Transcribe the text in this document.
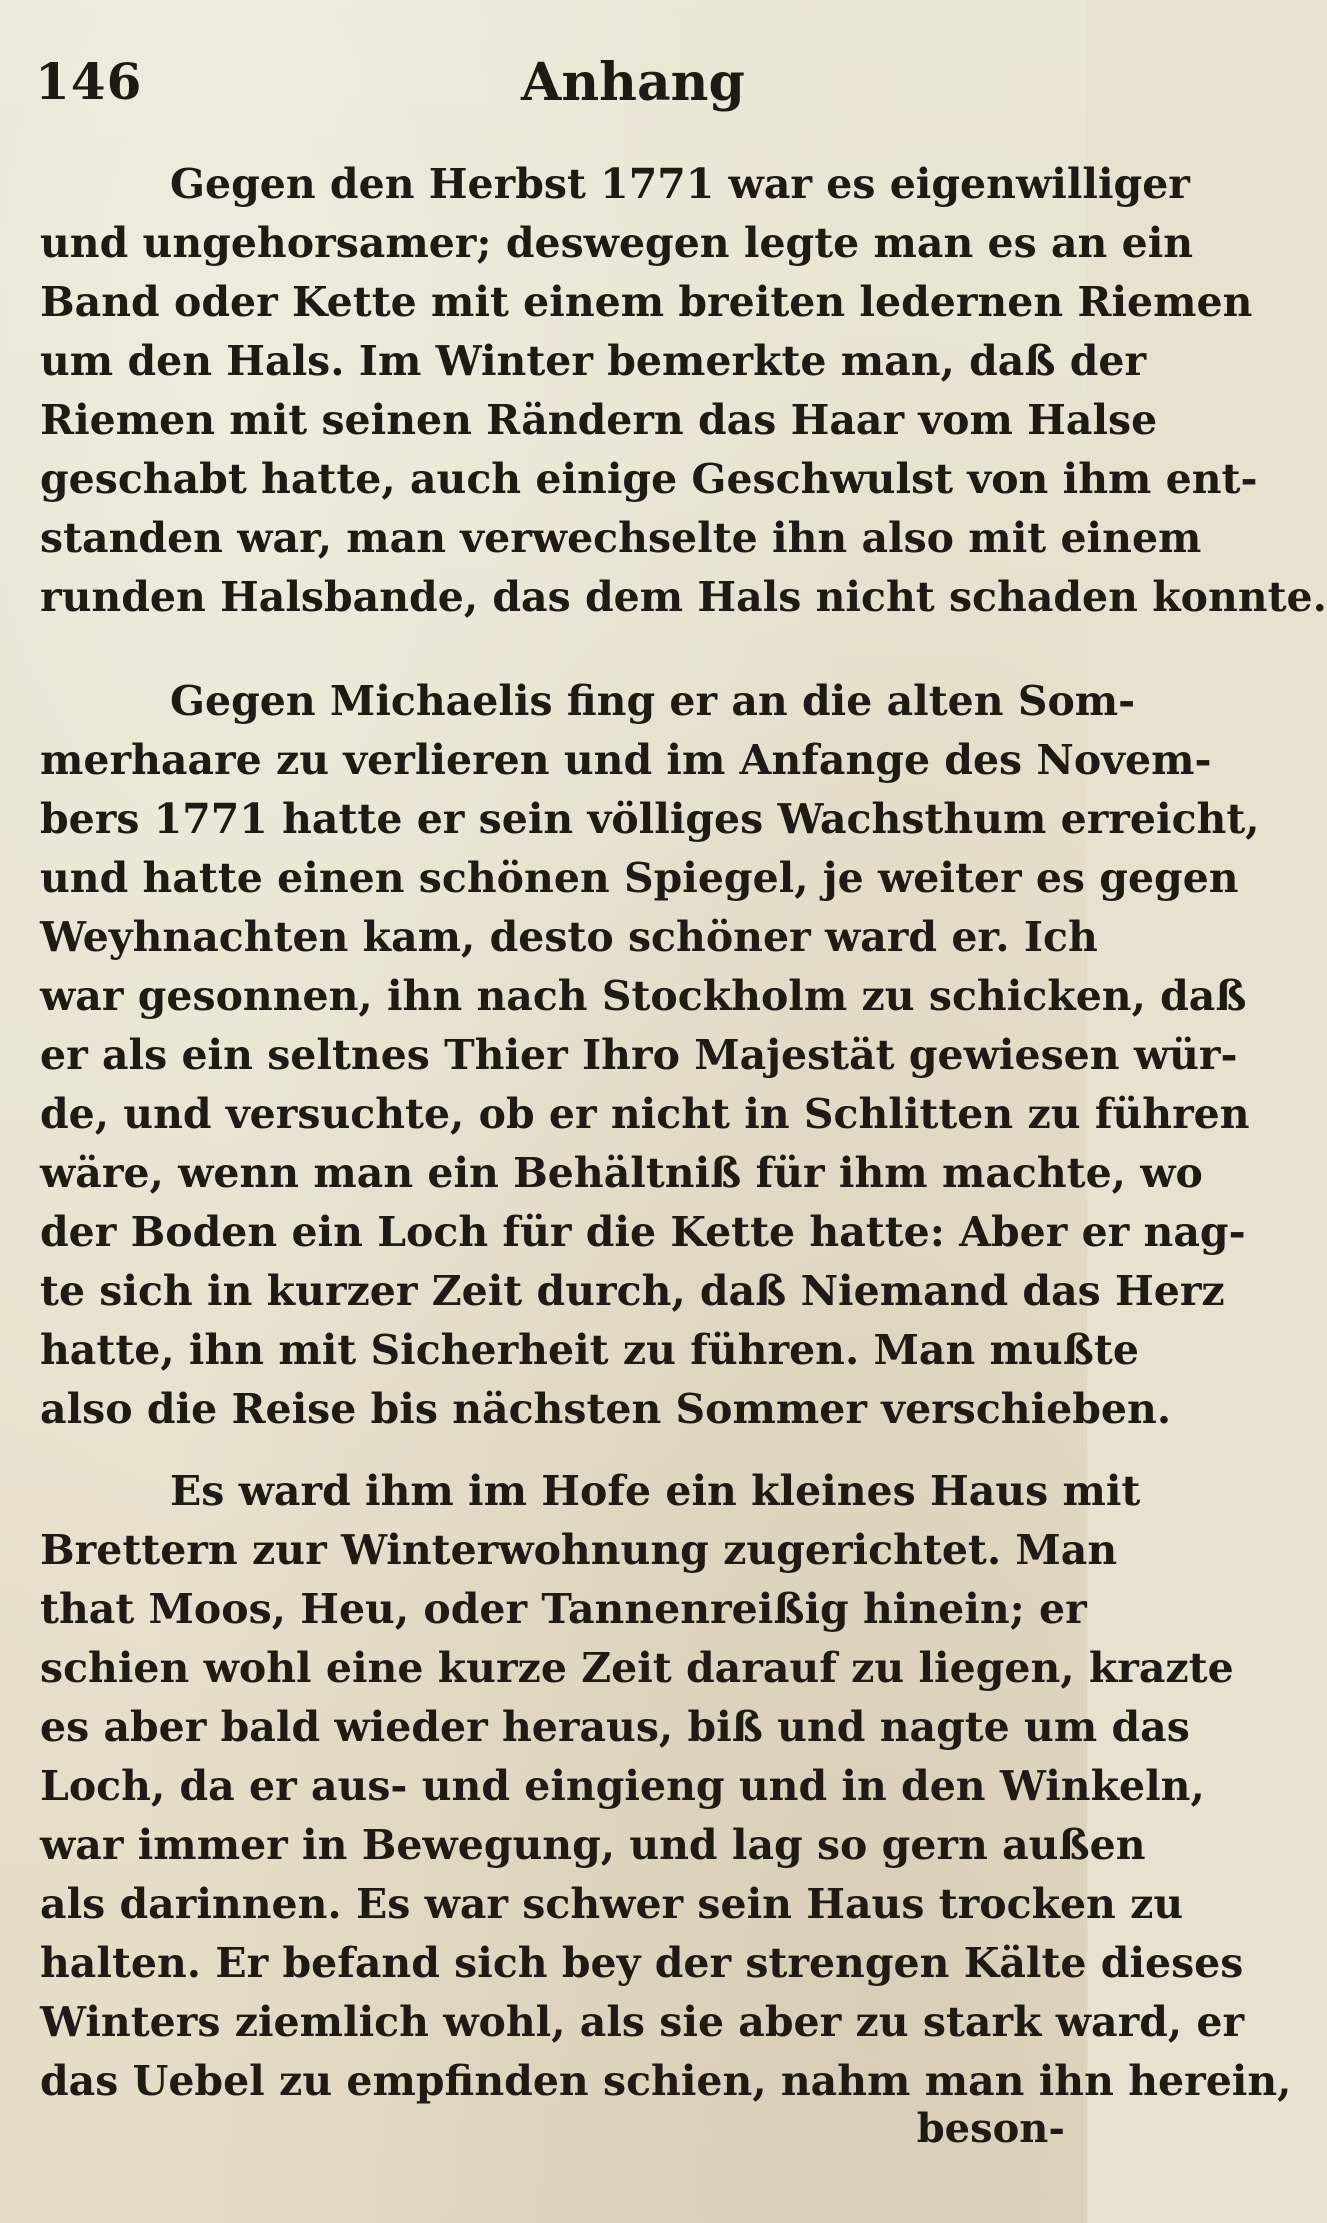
146	Anhang
Gegen den Herbst 1771 war es eigenwilliger
und ungehorsamer; deswegen legte man es an ein
Band oder Kette mit einem breiten ledernen Riemen
um den Hals. Im Winter bemerkte man, daß der
Riemen mit seinen Rändern das Haar vom Halse
geschabt hatte, auch einige Geschwulst von ihm ent-
standen war, man verwechselte ihn also mit einem
runden Halsbande, das dem Hals nicht schaden konnte.
Gegen Michaelis fing er an die alten Som-
merhaare zu verlieren und im Anfange des Novem-
bers 1771 hatte er sein völliges Wachsthum erreicht,
und hatte einen schönen Spiegel, je weiter es gegen
Weyhnachten kam, desto schöner ward er. Ich
war gesonnen, ihn nach Stockholm zu schicken, daß
er als ein seltnes Thier Ihro Majestät gewiesen wür-
de, und versuchte, ob er nicht in Schlitten zu führen
wäre, wenn man ein Behältniß für ihm machte, wo
der Boden ein Loch für die Kette hatte: Aber er nag-
te sich in kurzer Zeit durch, daß Niemand das Herz
hatte, ihn mit Sicherheit zu führen. Man mußte
also die Reise bis nächsten Sommer verschieben.
Es ward ihm im Hofe ein kleines Haus mit
Brettern zur Winterwohnung zugerichtet. Man
that Moos, Heu, oder Tannenreißig hinein; er
schien wohl eine kurze Zeit darauf zu liegen, krazte
es aber bald wieder heraus, biß und nagte um das
Loch, da er aus- und eingieng und in den Winkeln,
war immer in Bewegung, und lag so gern außen
als darinnen. Es war schwer sein Haus trocken zu
halten. Er befand sich bey der strengen Kälte dieses
Winters ziemlich wohl, als sie aber zu stark ward, er
das Uebel zu empfinden schien, nahm man ihn herein,
beson-
